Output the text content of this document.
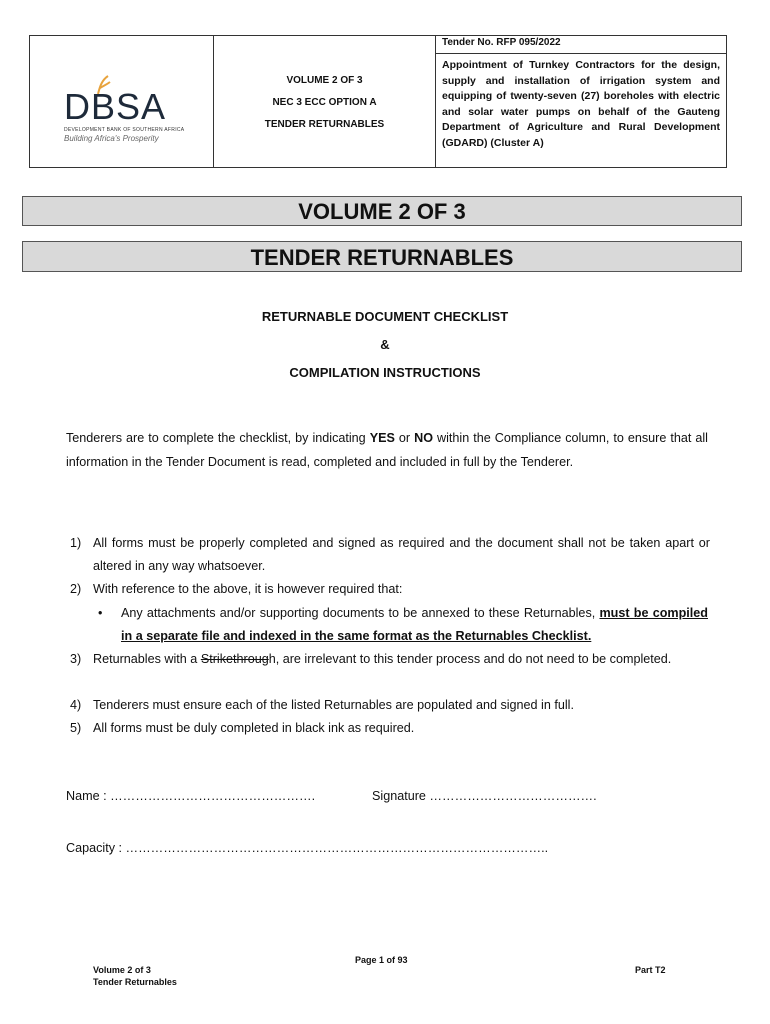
DBSA
DEVELOPMENT BANK OF SOUTHERN AFRICA
Building Africa's Prosperity
VOLUME 2 OF 3
NEC 3 ECC OPTION A
TENDER RETURNABLES
Tender No. RFP 095/2022
Appointment of Turnkey Contractors for the design, supply and installation of irrigation system and equipping of twenty-seven (27) boreholes with electric and solar water pumps on behalf of the Gauteng Department of Agriculture and Rural Development (GDARD) (Cluster A)
VOLUME 2 OF 3
TENDER RETURNABLES
RETURNABLE DOCUMENT CHECKLIST
&
COMPILATION INSTRUCTIONS
Tenderers are to complete the checklist, by indicating YES or NO within the Compliance column, to ensure that all information in the Tender Document is read, completed and included in full by the Tenderer.
1) All forms must be properly completed and signed as required and the document shall not be taken apart or altered in any way whatsoever.
2) With reference to the above, it is however required that:
• Any attachments and/or supporting documents to be annexed to these Returnables, must be compiled in a separate file and indexed in the same format as the Returnables Checklist.
3) Returnables with a Strikethrough, are irrelevant to this tender process and do not need to be completed.
4) Tenderers must ensure each of the listed Returnables are populated and signed in full.
5) All forms must be duly completed in black ink as required.
Name : ………………………………………….	Signature ………………………………….
Capacity : ………………………………………………………………………………………..
Page 1 of 93
Volume 2 of 3
Tender Returnables
Part T2
